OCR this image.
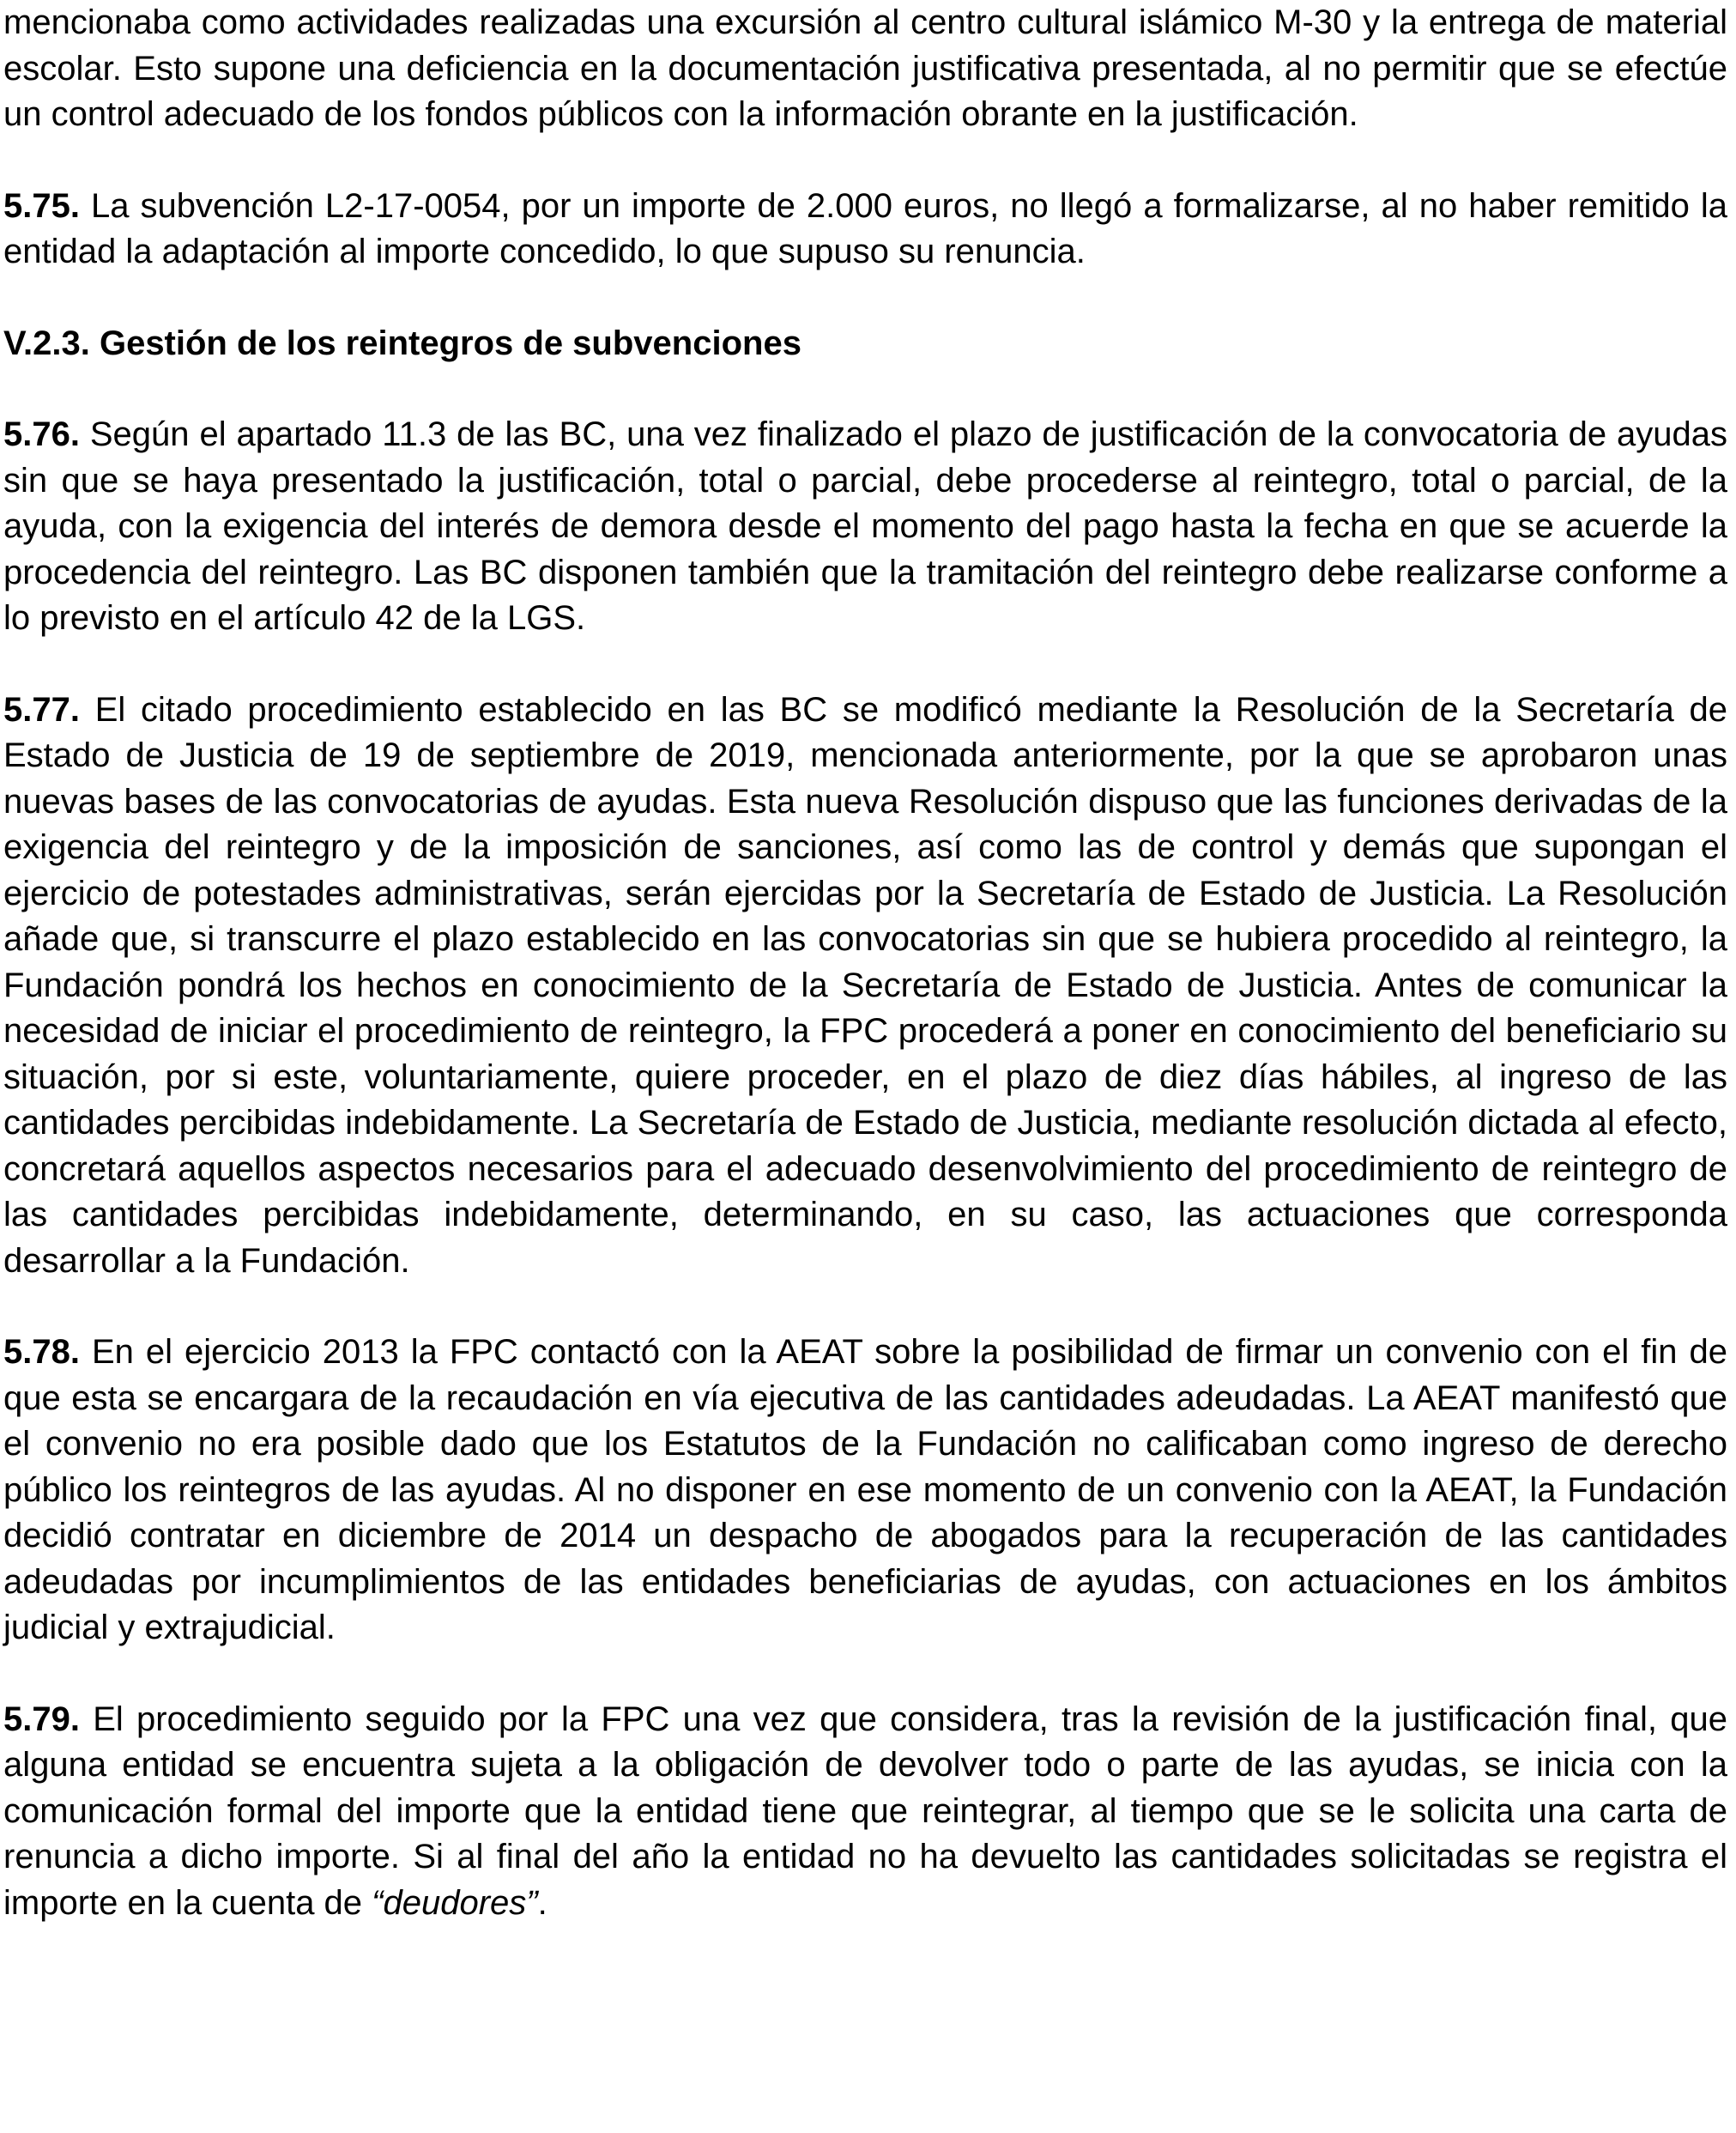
mencionaba como actividades realizadas una excursión al centro cultural islámico M-30 y la entrega de material escolar. Esto supone una deficiencia en la documentación justificativa presentada, al no permitir que se efectúe un control adecuado de los fondos públicos con la información obrante en la justificación.

5.75. La subvención L2-17-0054, por un importe de 2.000 euros, no llegó a formalizarse, al no haber remitido la entidad la adaptación al importe concedido, lo que supuso su renuncia.

V.2.3. Gestión de los reintegros de subvenciones

5.76. Según el apartado 11.3 de las BC, una vez finalizado el plazo de justificación de la convocatoria de ayudas sin que se haya presentado la justificación, total o parcial, debe procederse al reintegro, total o parcial, de la ayuda, con la exigencia del interés de demora desde el momento del pago hasta la fecha en que se acuerde la procedencia del reintegro. Las BC disponen también que la tramitación del reintegro debe realizarse conforme a lo previsto en el artículo 42 de la LGS.

5.77. El citado procedimiento establecido en las BC se modificó mediante la Resolución de la Secretaría de Estado de Justicia de 19 de septiembre de 2019, mencionada anteriormente, por la que se aprobaron unas nuevas bases de las convocatorias de ayudas. Esta nueva Resolución dispuso que las funciones derivadas de la exigencia del reintegro y de la imposición de sanciones, así como las de control y demás que supongan el ejercicio de potestades administrativas, serán ejercidas por la Secretaría de Estado de Justicia. La Resolución añade que, si transcurre el plazo establecido en las convocatorias sin que se hubiera procedido al reintegro, la Fundación pondrá los hechos en conocimiento de la Secretaría de Estado de Justicia. Antes de comunicar la necesidad de iniciar el procedimiento de reintegro, la FPC procederá a poner en conocimiento del beneficiario su situación, por si este, voluntariamente, quiere proceder, en el plazo de diez días hábiles, al ingreso de las cantidades percibidas indebidamente. La Secretaría de Estado de Justicia, mediante resolución dictada al efecto, concretará aquellos aspectos necesarios para el adecuado desenvolvimiento del procedimiento de reintegro de las cantidades percibidas indebidamente, determinando, en su caso, las actuaciones que corresponda desarrollar a la Fundación.

5.78. En el ejercicio 2013 la FPC contactó con la AEAT sobre la posibilidad de firmar un convenio con el fin de que esta se encargara de la recaudación en vía ejecutiva de las cantidades adeudadas. La AEAT manifestó que el convenio no era posible dado que los Estatutos de la Fundación no calificaban como ingreso de derecho público los reintegros de las ayudas. Al no disponer en ese momento de un convenio con la AEAT, la Fundación decidió contratar en diciembre de 2014 un despacho de abogados para la recuperación de las cantidades adeudadas por incumplimientos de las entidades beneficiarias de ayudas, con actuaciones en los ámbitos judicial y extrajudicial.

5.79. El procedimiento seguido por la FPC una vez que considera, tras la revisión de la justificación final, que alguna entidad se encuentra sujeta a la obligación de devolver todo o parte de las ayudas, se inicia con la comunicación formal del importe que la entidad tiene que reintegrar, al tiempo que se le solicita una carta de renuncia a dicho importe. Si al final del año la entidad no ha devuelto las cantidades solicitadas se registra el importe en la cuenta de “deudores”.
